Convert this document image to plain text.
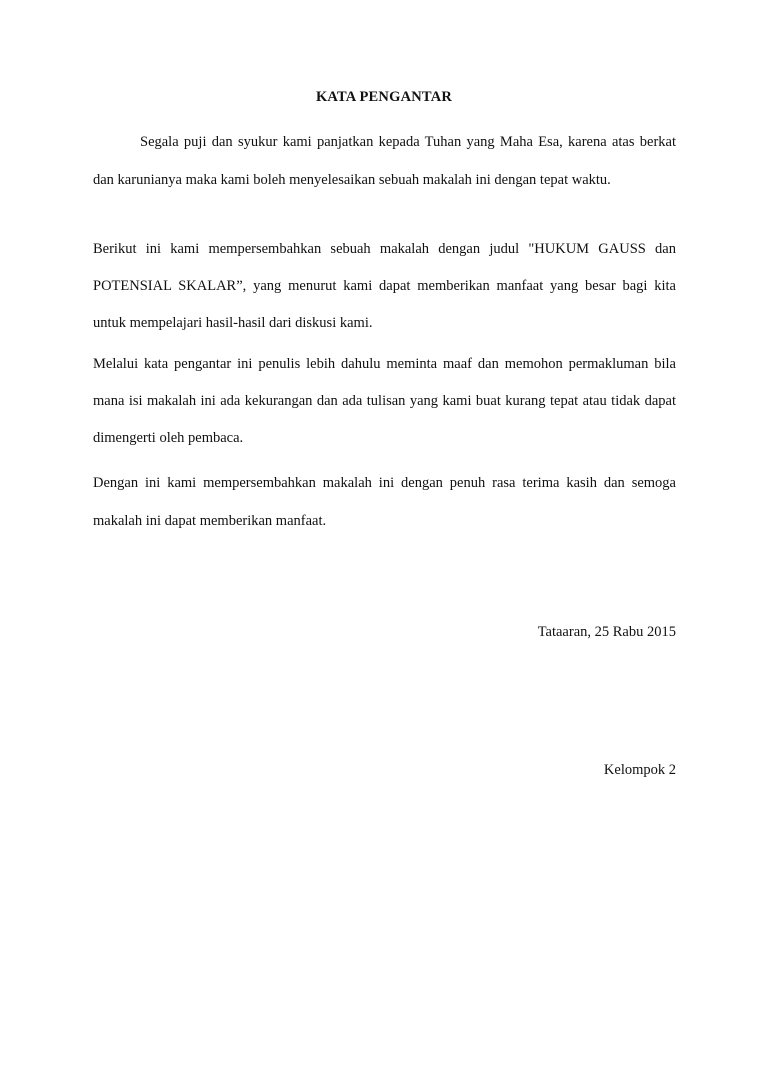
KATA PENGANTAR

Segala puji dan syukur kami panjatkan kepada Tuhan yang Maha Esa, karena atas berkat dan karunianya maka kami boleh menyelesaikan sebuah makalah ini dengan tepat waktu.

Berikut ini kami mempersembahkan sebuah makalah dengan judul "HUKUM GAUSS dan POTENSIAL SKALAR”, yang menurut kami dapat memberikan manfaat yang besar bagi kita untuk mempelajari hasil-hasil dari diskusi kami.

Melalui kata pengantar ini penulis lebih dahulu meminta maaf dan memohon permakluman bila mana isi makalah ini ada kekurangan dan ada tulisan yang kami buat kurang tepat atau tidak dapat dimengerti oleh pembaca.

Dengan ini kami mempersembahkan makalah ini dengan penuh rasa terima kasih dan semoga makalah ini dapat memberikan manfaat.

Tataaran, 25 Rabu 2015
Kelompok 2
